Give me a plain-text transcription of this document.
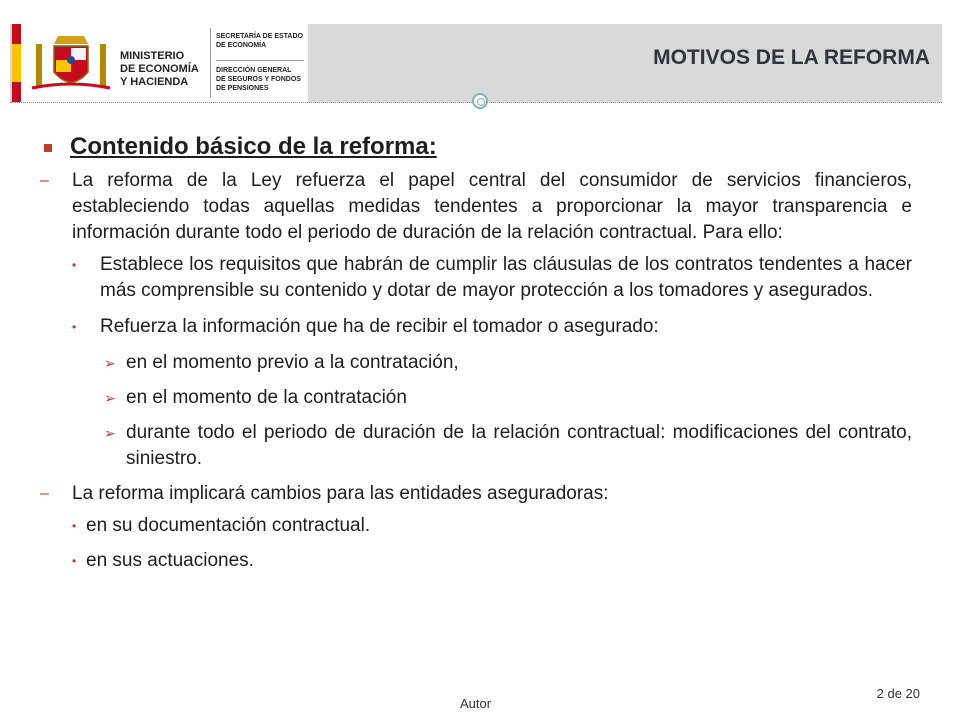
MINISTERIO
DE ECONOMÍA
Y HACIENDA
SECRETARÍA DE ESTADO
DE ECONOMÍA
DIRECCIÓN GENERAL
DE SEGUROS Y FONDOS
DE PENSIONES
MOTIVOS DE LA REFORMA
Contenido básico de la reforma:
– La reforma de la Ley refuerza el papel central del consumidor de servicios financieros, estableciendo todas aquellas medidas tendentes a proporcionar la mayor transparencia e información durante todo el periodo de duración de la relación contractual. Para ello:
• Establece los requisitos que habrán de cumplir las cláusulas de los contratos tendentes a hacer más comprensible su contenido y dotar de mayor protección a los tomadores y asegurados.
• Refuerza la información que ha de recibir el tomador o asegurado:
➢ en el momento previo a la contratación,
➢ en el momento de la contratación
➢ durante todo el periodo de duración de la relación contractual: modificaciones del contrato, siniestro.
– La reforma implicará cambios para las entidades aseguradoras:
• en su documentación contractual.
• en sus actuaciones.
Autor
2 de 20
